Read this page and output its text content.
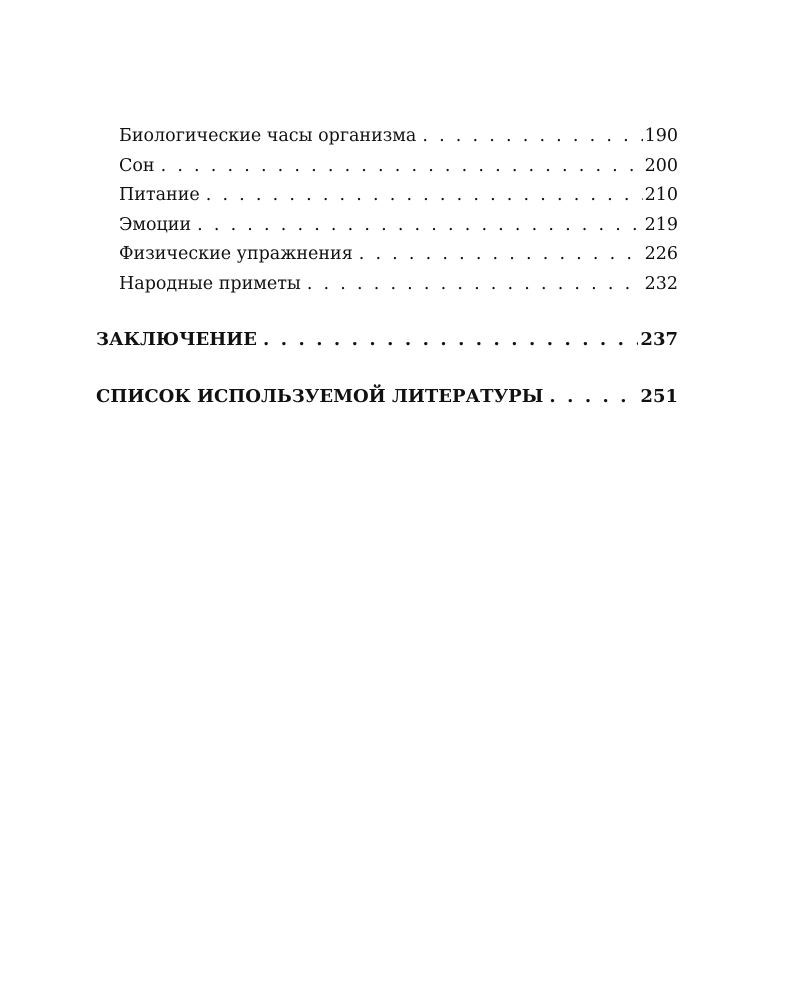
Биологические часы организма . . .	190
Сон . . .	200
Питание . . .	210
Эмоции . . .	219
Физические упражнения . . .	226
Народные приметы . . .	232
ЗАКЛЮЧЕНИЕ . . .	237
СПИСОК ИСПОЛЬЗУЕМОЙ ЛИТЕРАТУРЫ . . .	251
